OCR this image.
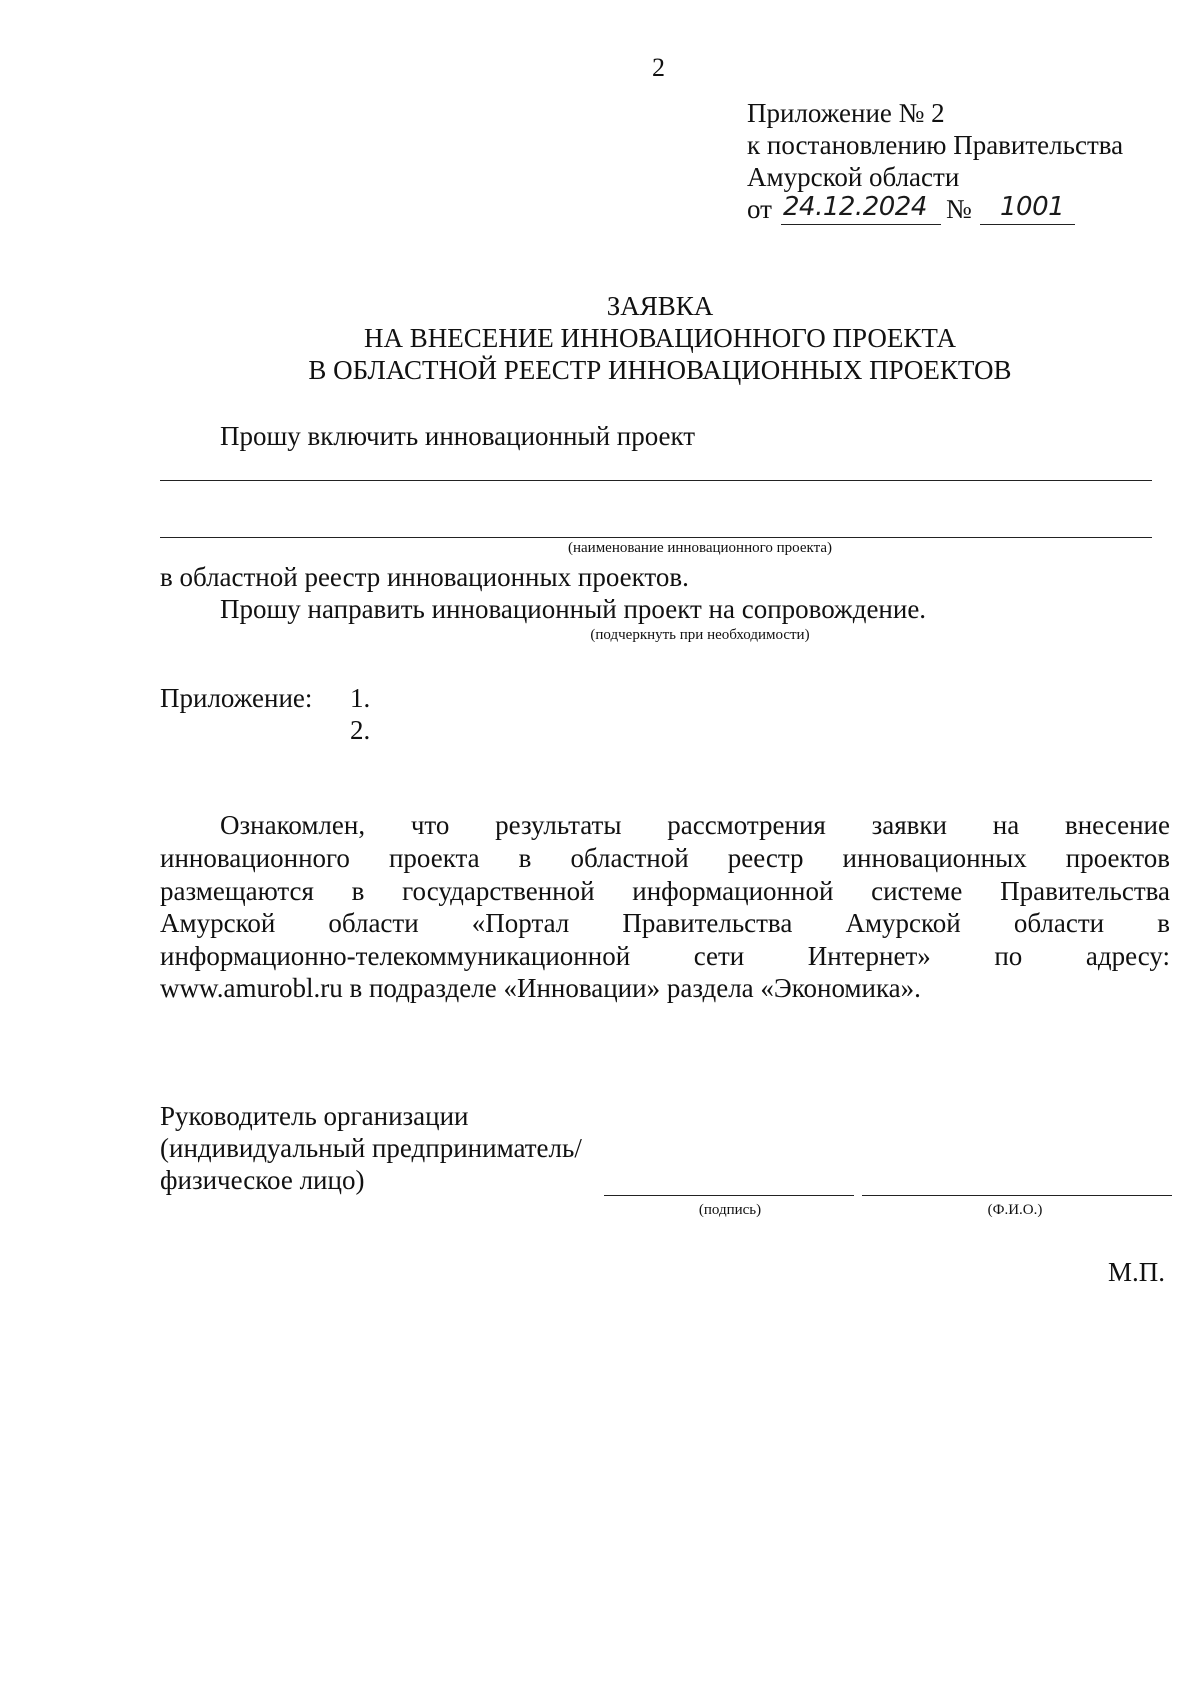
2
Приложение № 2
к постановлению Правительства
Амурской области
от 24.12.2024 № 1001
ЗАЯВКА
НА ВНЕСЕНИЕ ИННОВАЦИОННОГО ПРОЕКТА
В ОБЛАСТНОЙ РЕЕСТР ИННОВАЦИОННЫХ ПРОЕКТОВ
Прошу включить инновационный проект
(наименование инновационного проекта)
в областной реестр инновационных проектов.
Прошу направить инновационный проект на сопровождение.
(подчеркнуть при необходимости)
Приложение: 1.
2.
Ознакомлен, что результаты рассмотрения заявки на внесение
инновационного проекта в областной реестр инновационных проектов
размещаются в государственной информационной системе Правительства
Амурской области «Портал Правительства Амурской области в
информационно-телекоммуникационной сети Интернет» по адресу:
www.amurobl.ru в подразделе «Инновации» раздела «Экономика».
Руководитель организации
(индивидуальный предприниматель/
физическое лицо)
(подпись)	(Ф.И.О.)
М.П.
